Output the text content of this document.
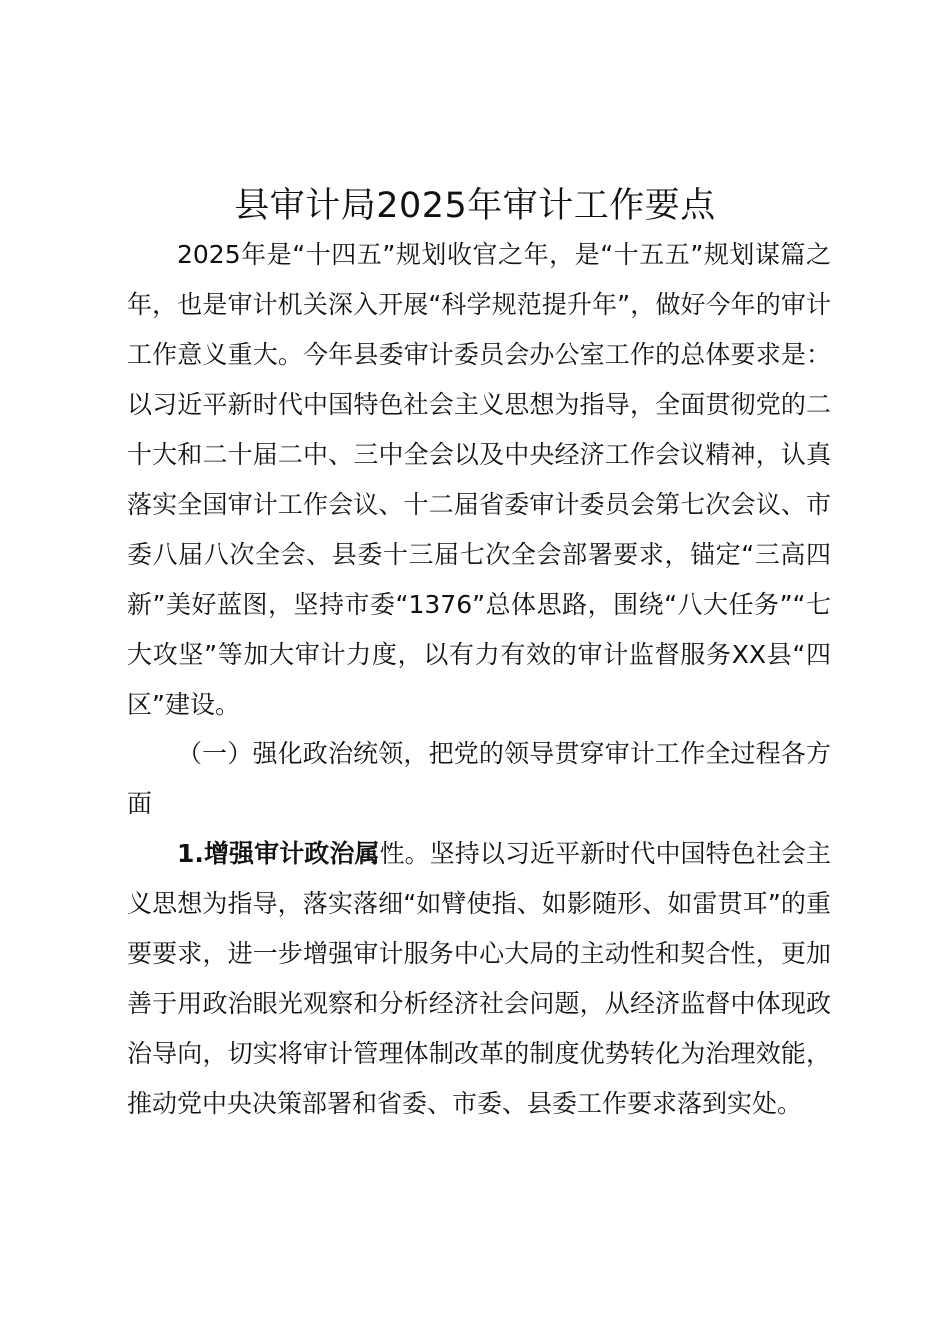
县审计局2025年审计工作要点

2025年是“十四五”规划收官之年，是“十五五”规划谋篇之年，也是审计机关深入开展“科学规范提升年”，做好今年的审计工作意义重大。今年县委审计委员会办公室工作的总体要求是：以习近平新时代中国特色社会主义思想为指导，全面贯彻党的二十大和二十届二中、三中全会以及中央经济工作会议精神，认真落实全国审计工作会议、十二届省委审计委员会第七次会议、市委八届八次全会、县委十三届七次全会部署要求，锚定“三高四新”美好蓝图，坚持市委“1376”总体思路，围绕“八大任务”“七大攻坚”等加大审计力度，以有力有效的审计监督服务XX县“四区”建设。

（一）强化政治统领，把党的领导贯穿审计工作全过程各方面

1.增强审计政治属性。坚持以习近平新时代中国特色社会主义思想为指导，落实落细“如臂使指、如影随形、如雷贯耳”的重要要求，进一步增强审计服务中心大局的主动性和契合性，更加善于用政治眼光观察和分析经济社会问题，从经济监督中体现政治导向，切实将审计管理体制改革的制度优势转化为治理效能，推动党中央决策部署和省委、市委、县委工作要求落到实处。
